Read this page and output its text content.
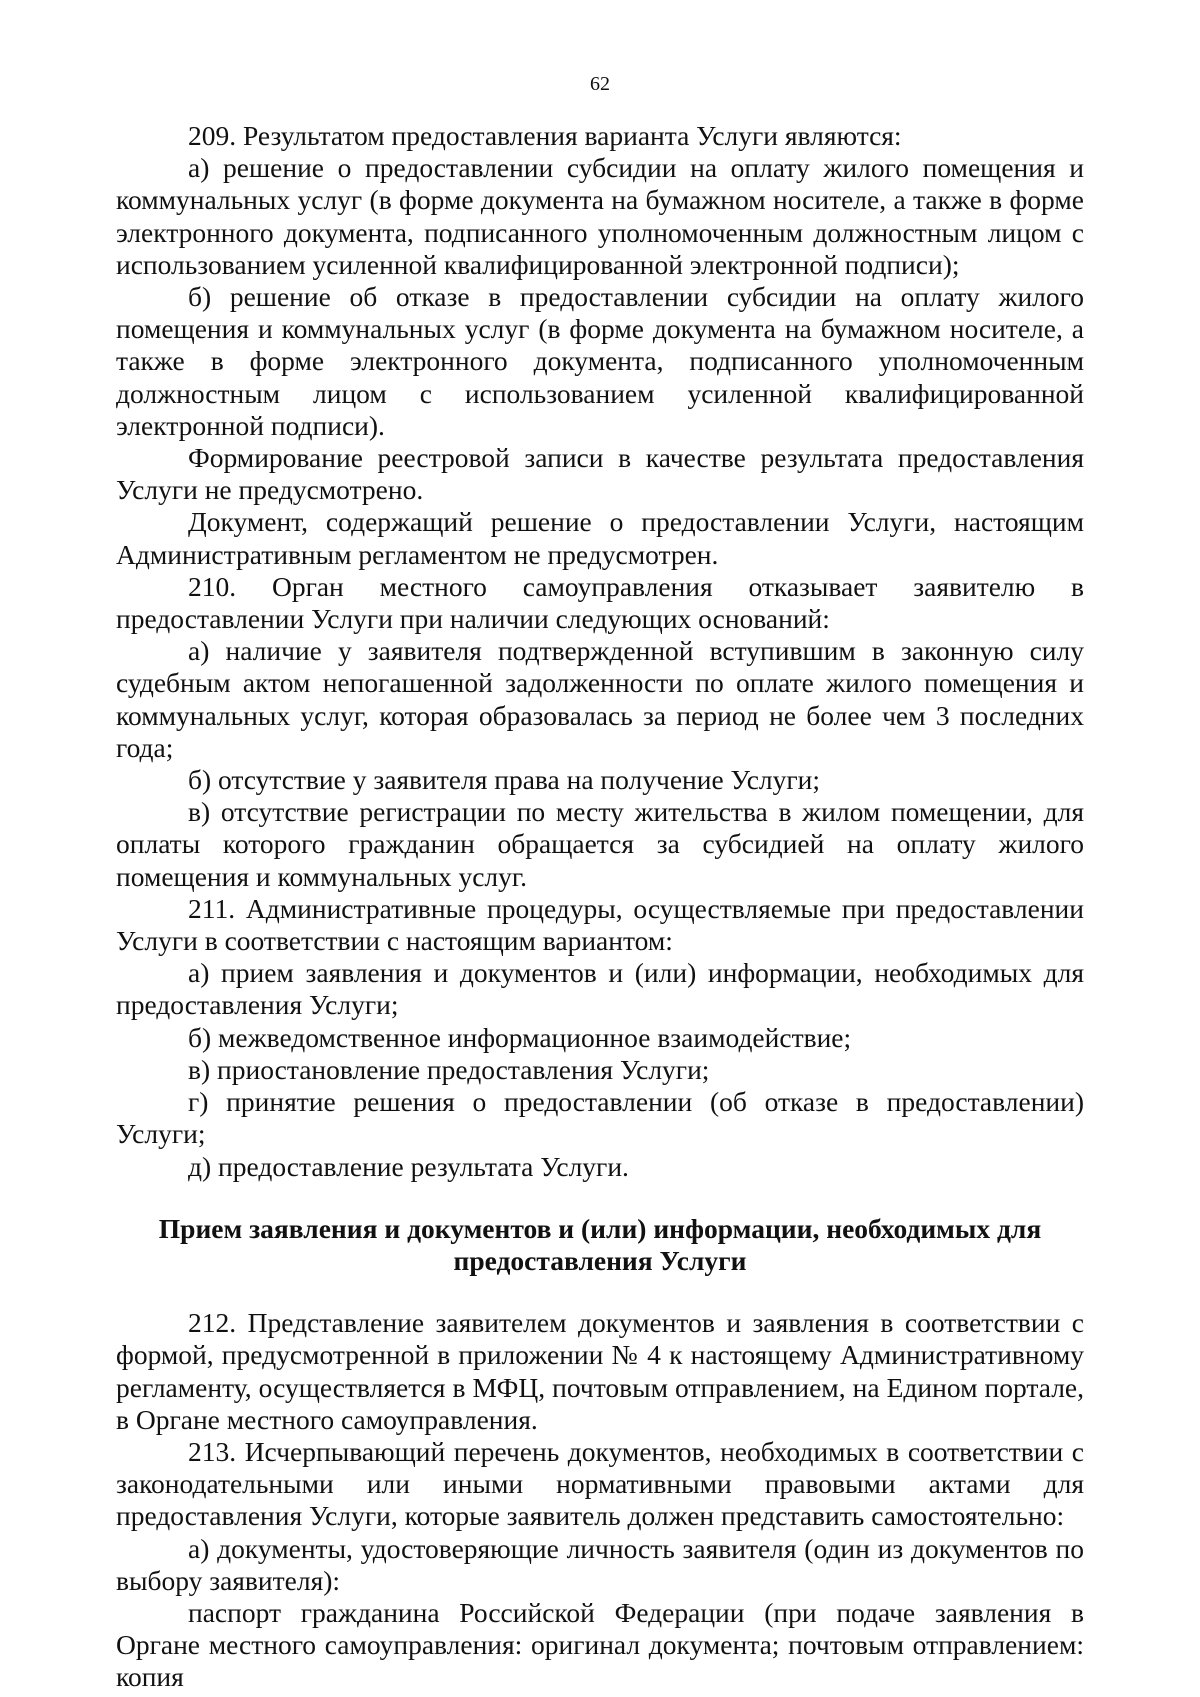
62

209. Результатом предоставления варианта Услуги являются:

а) решение о предоставлении субсидии на оплату жилого помещения и коммунальных услуг (в форме документа на бумажном носителе, а также в форме электронного документа, подписанного уполномоченным должностным лицом с использованием усиленной квалифицированной электронной подписи);

б) решение об отказе в предоставлении субсидии на оплату жилого помещения и коммунальных услуг (в форме документа на бумажном носителе, а также в форме электронного документа, подписанного уполномоченным должностным лицом с использованием усиленной квалифицированной электронной подписи).

Формирование реестровой записи в качестве результата предоставления Услуги не предусмотрено.

Документ, содержащий решение о предоставлении Услуги, настоящим Административным регламентом не предусмотрен.

210. Орган местного самоуправления отказывает заявителю в предоставлении Услуги при наличии следующих оснований:

а) наличие у заявителя подтвержденной вступившим в законную силу судебным актом непогашенной задолженности по оплате жилого помещения и коммунальных услуг, которая образовалась за период не более чем 3 последних года;

б) отсутствие у заявителя права на получение Услуги;

в) отсутствие регистрации по месту жительства в жилом помещении, для оплаты которого гражданин обращается за субсидией на оплату жилого помещения и коммунальных услуг.

211. Административные процедуры, осуществляемые при предоставлении Услуги в соответствии с настоящим вариантом:

а) прием заявления и документов и (или) информации, необходимых для предоставления Услуги;

б) межведомственное информационное взаимодействие;

в) приостановление предоставления Услуги;

г) принятие решения о предоставлении (об отказе в предоставлении) Услуги;

д) предоставление результата Услуги.

Прием заявления и документов и (или) информации, необходимых для

предоставления Услуги

212. Представление заявителем документов и заявления в соответствии с формой, предусмотренной в приложении № 4 к настоящему Административному регламенту, осуществляется в МФЦ, почтовым отправлением, на Едином портале, в Органе местного самоуправления.

213. Исчерпывающий перечень документов, необходимых в соответствии с законодательными или иными нормативными правовыми актами для предоставления Услуги, которые заявитель должен представить самостоятельно:

а) документы, удостоверяющие личность заявителя (один из документов по выбору заявителя):

паспорт гражданина Российской Федерации (при подаче заявления в Органе местного самоуправления: оригинал документа; почтовым отправлением: копия
